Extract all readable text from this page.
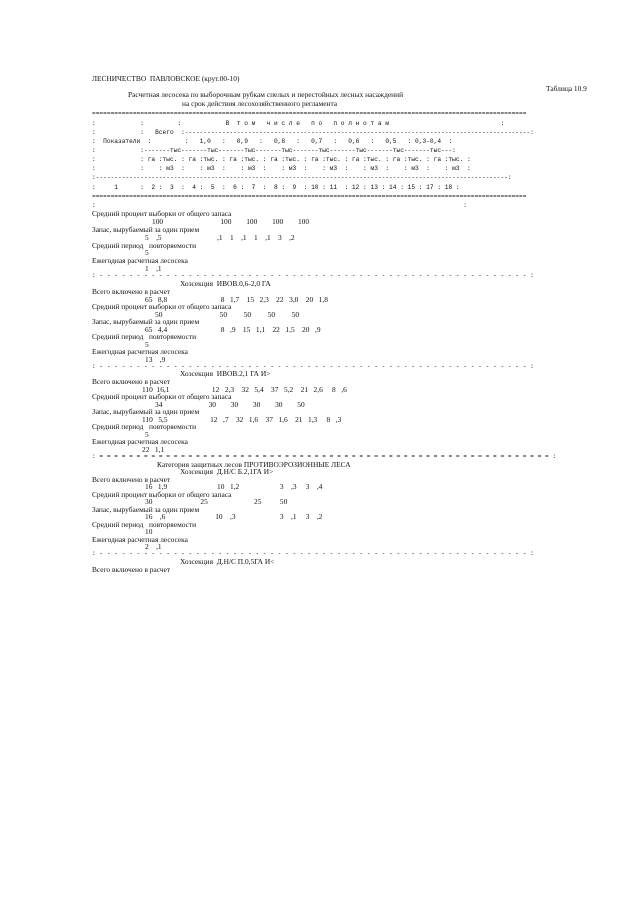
ЛЕСНИЧЕСТВО  ПАВЛОВСКОЕ (крут.00-10)
Таблица 10.9
Расчетная лесосека по выборочным рубкам спелых и перестойных лесных насаждений
на срок действия лесохозяйственного регламента
=====================================================================================================================
:            :         :            В  т о м   ч и с л е   п о   п о л н о т а м                              :
:            :   Всего  :---------------------------------------------------------------------------------------------:
:  Показатели  :         :   1,0   :   0,9   :   0,8   :   0,7   :   0,6   :   0,5   : 0,3-0,4  :
:            :-------тыс-------тыс-------тыс-------тыс-------тыс-------тыс-------тыс-------тыс---:
:            : га :тыс. : га :тыс. : га :тыс. : га :тыс. : га :тыс. : га :тыс. : га :тыс. : га :тыс. :
:            :    : м3  :    : м3  :    : м3  :    : м3  :    : м3  :    : м3  :    : м3  :    : м3  :
:---------------------------------------------------------------------------------------------------------------:
:     1      :  2 :  3  :  4 :  5  :  6 :  7  :  8 :  9  : 10 : 11  : 12 : 13 : 14 : 15 : 17 : 18 :
=====================================================================================================================
:                                                                                                   :
Средний процент выборки от общего запаса
100                               100        100        100        100
Запас, вырубаемый за один прием
5    ,5                              ,1    1    ,1    1    ,1    3    ,2
Средний период   повторяемости
5
Ежегодная расчетная лесосека
1    ,1
: - - - - - - - - - - - - - - - - - - - - - - - - - - - - - - - - - - - - - - - - - - - - - - - - - - - - - - - - - - :
Хозсекция  ИВОВ.0,6-2,0 ГА
Всего включено в расчет
65   8,8                             8   1,7    15   2,3    22   3,0    20   1,8
Средний процент выборки от общего запаса
50                               50         50         50         50
Запас, вырубаемый за один прием
65   4,4                             8   ,9    15   1,1    22   1,5    20   ,9
Средний период   повторяемости
5
Ежегодная расчетная лесосека
13    ,9
: - - - - - - - - - - - - - - - - - - - - - - - - - - - - - - - - - - - - - - - - - - - - - - - - - - - - - - - - - - :
Хозсекция  ИВОВ.2,1 ГА И>
Всего включено в расчет
110  16,1                       12   2,3    32   5,4    37   5,2    21   2,6     8   ,6
Средний процент выборки от общего запаса
34                         30        30        30        30        50
Запас, вырубаемый за один прием
110   5,5                       12   ,7    32   1,6    37   1,6    21   1,3     8   ,3
Средний период   повторяемости
5
Ежегодная расчетная лесосека
22   1,1
: = = = = = = = = = = = = = = = = = = = = = = = = = = = = = = = = = = = = = = = = = = = = = = = = = = = = = = = = = = = = = :
Категория защитных лесов ПРОТИВОЭРОЗИОННЫЕ ЛЕСА
Хозсекция  Д.Н/С Б.2,1ГА И>
Всего включено в расчет
16   1,9                           10   1,2                      3    ,3     3    ,4
Средний процент выборки от общего запаса
30                          25                         25          50
Запас, вырубаемый за один прием
16    ,6                           10    ,3                        3    ,1     3    ,2
Средний период   повторяемости
10
Ежегодная расчетная лесосека
2    ,1
: - - - - - - - - - - - - - - - - - - - - - - - - - - - - - - - - - - - - - - - - - - - - - - - - - - - - - - - - - - :
Хозсекция  Д.Н/С П.0,5ГА И<
Всего включено в расчет
